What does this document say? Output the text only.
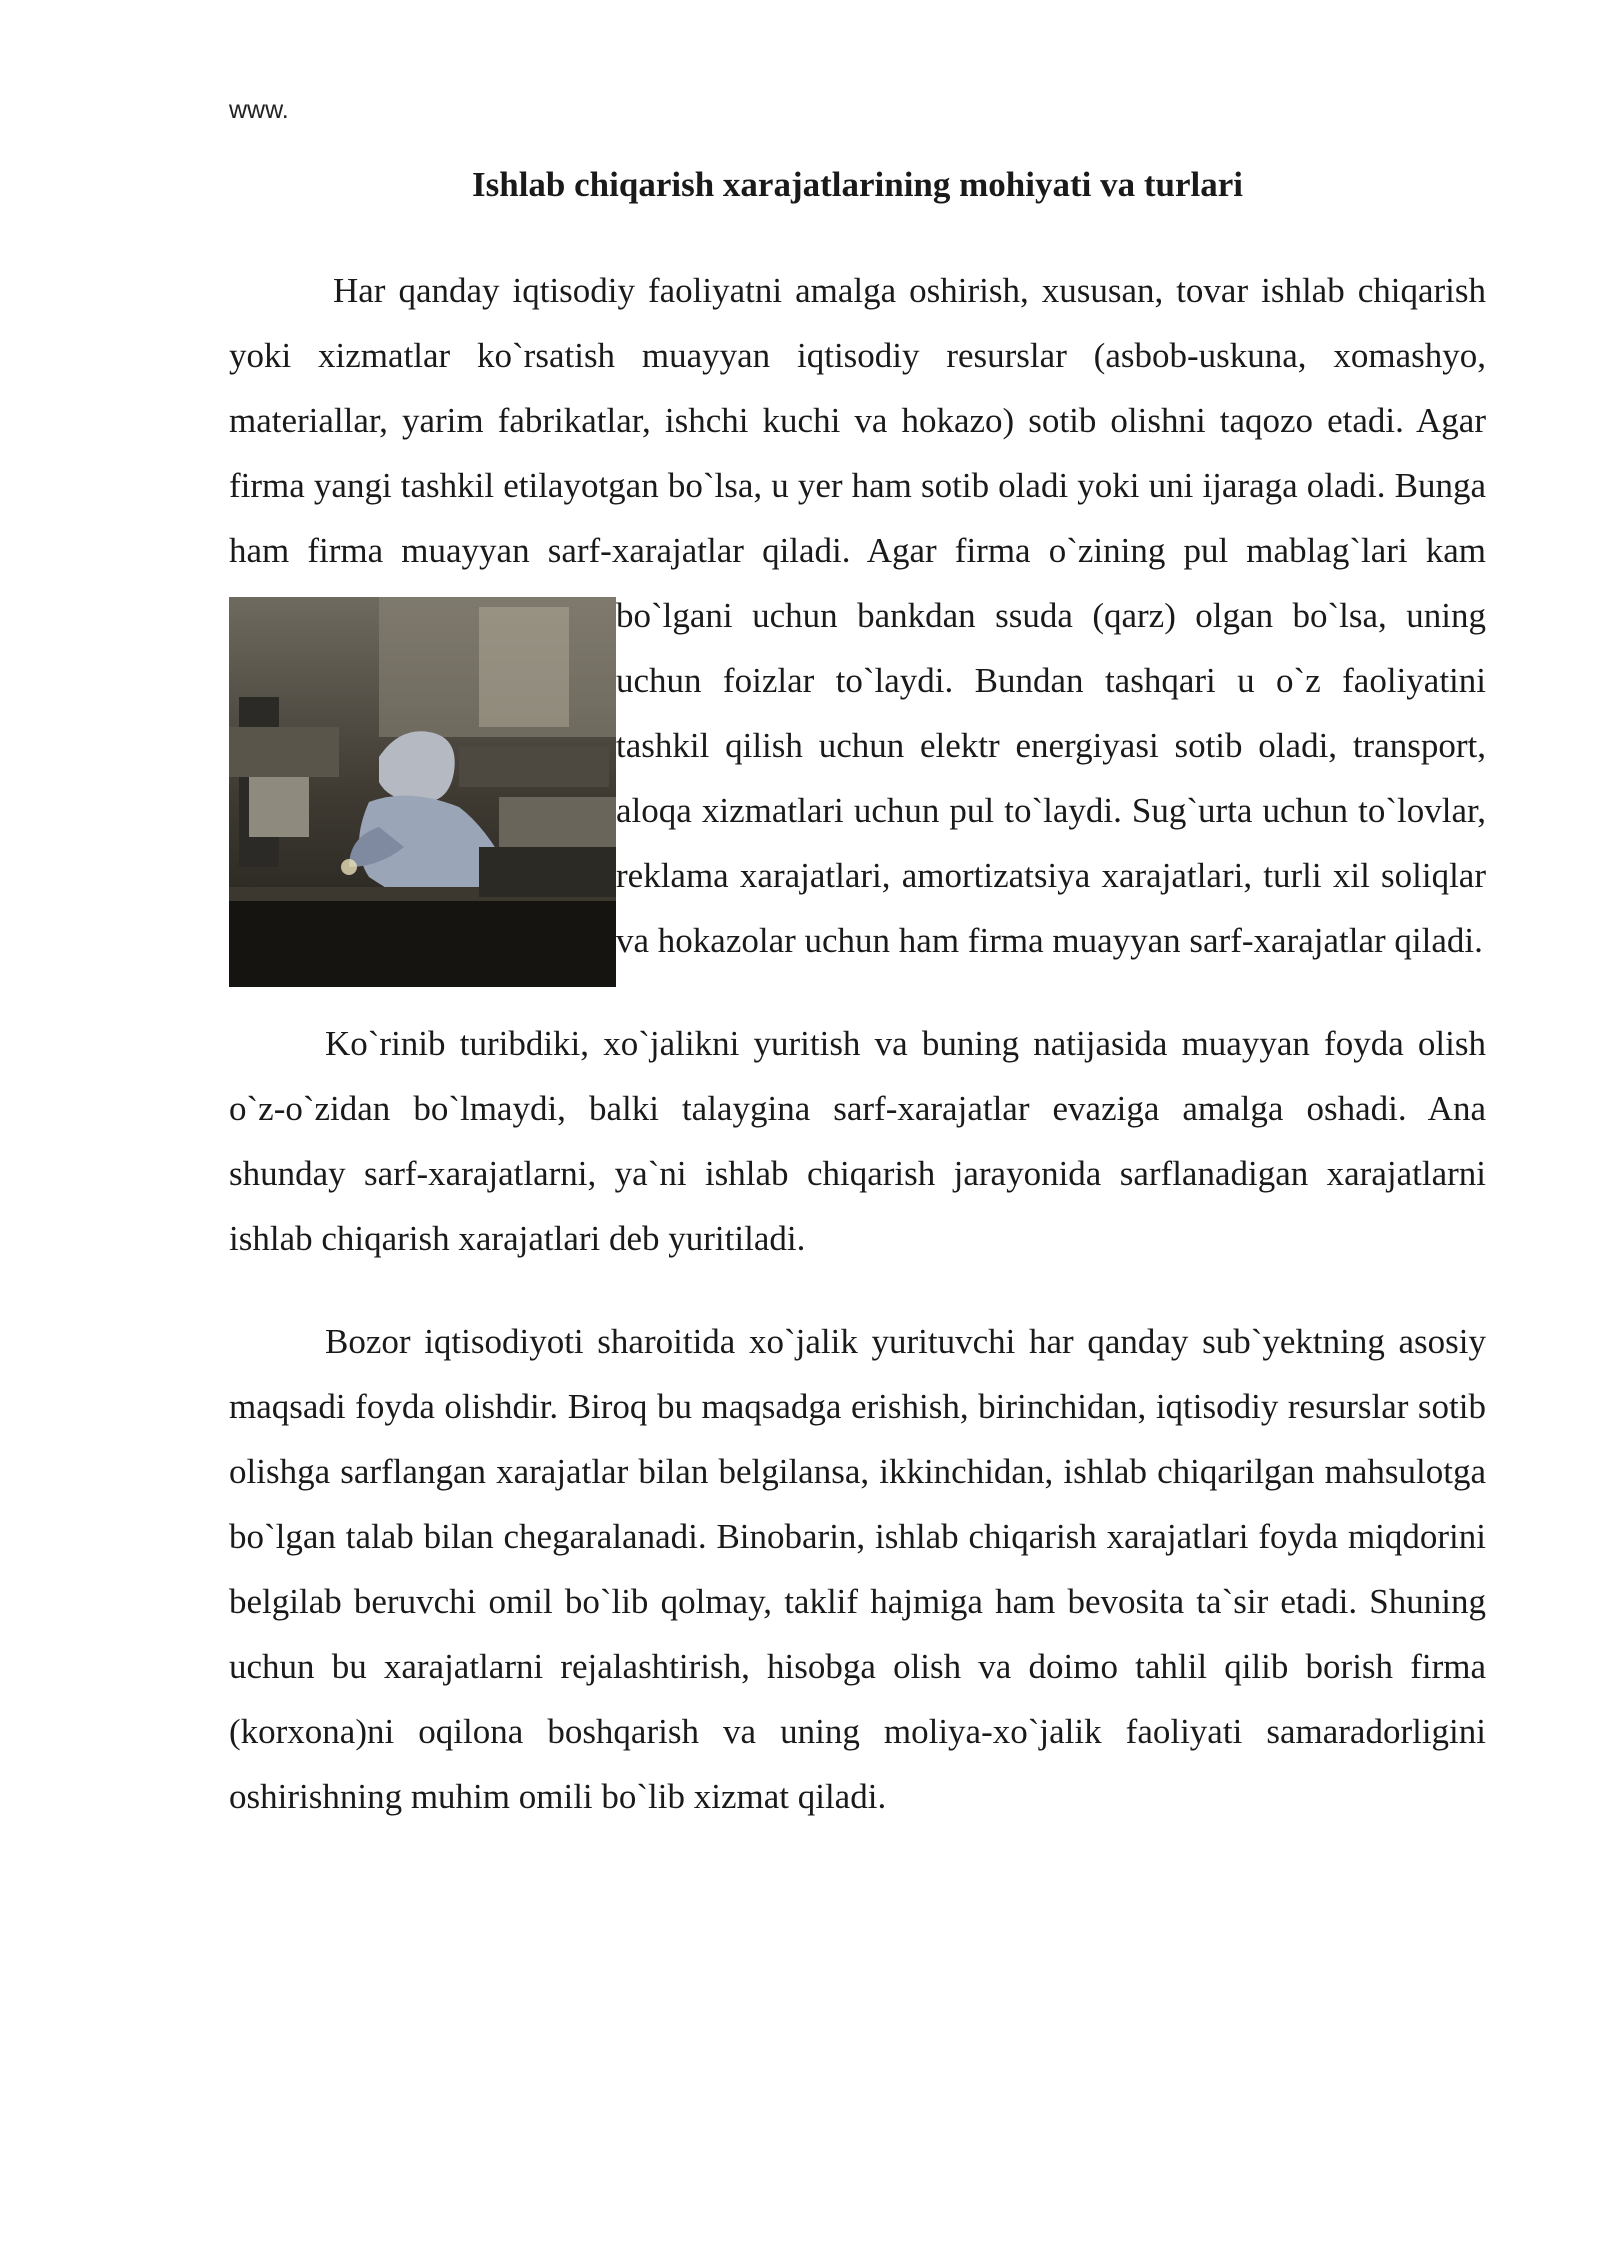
www.
Ishlab chiqarish xarajatlarining mohiyati va turlari

Har qanday iqtisodiy faoliyatni amalga oshirish, xususan, tovar ishlab chiqarish yoki xizmatlar ko`rsatish muayyan iqtisodiy resurslar (asbob-uskuna, xomashyo, materiallar, yarim fabrikatlar, ishchi kuchi va hokazo) sotib olishni taqozo etadi. Agar firma yangi tashkil etilayotgan bo`lsa, u yer ham sotib oladi yoki uni ijaraga oladi. Bunga ham firma muayyan sarf-xarajatlar qiladi. Agar firma o`zining pul mablag`lari kam bo`lgani uchun bankdan ssuda (qarz) olgan bo`lsa, uning uchun foizlar to`laydi. Bundan tashqari u o`z faoliyatini tashkil qilish uchun elektr energiyasi sotib oladi, transport, aloqa xizmatlari uchun pul to`laydi. Sug`urta uchun to`lovlar, reklama xarajatlari, amortizatsiya xarajatlari, turli xil soliqlar va hokazolar uchun ham firma muayyan sarf-xarajatlar qiladi.

Ko`rinib turibdiki, xo`jalikni yuritish va buning natijasida muayyan foyda olish o`z-o`zidan bo`lmaydi, balki talaygina sarf-xarajatlar evaziga amalga oshadi. Ana shunday sarf-xarajatlarni, ya`ni ishlab chiqarish jarayonida sarflanadigan xarajatlarni ishlab chiqarish xarajatlari deb yuritiladi.

Bozor iqtisodiyoti sharoitida xo`jalik yurituvchi har qanday sub`yektning asosiy maqsadi foyda olishdir. Biroq bu maqsadga erishish, birinchidan, iqtisodiy resurslar sotib olishga sarflangan xarajatlar bilan belgilansa, ikkinchidan, ishlab chiqarilgan mahsulotga bo`lgan talab bilan chegaralanadi. Binobarin, ishlab chiqarish xarajatlari foyda miqdorini belgilab beruvchi omil bo`lib qolmay, taklif hajmiga ham bevosita ta`sir etadi. Shuning uchun bu xarajatlarni rejalashtirish, hisobga olish va doimo tahlil qilib borish firma (korxona)ni oqilona boshqarish va uning moliya-xo`jalik faoliyati samaradorligini oshirishning muhim omili bo`lib xizmat qiladi.
